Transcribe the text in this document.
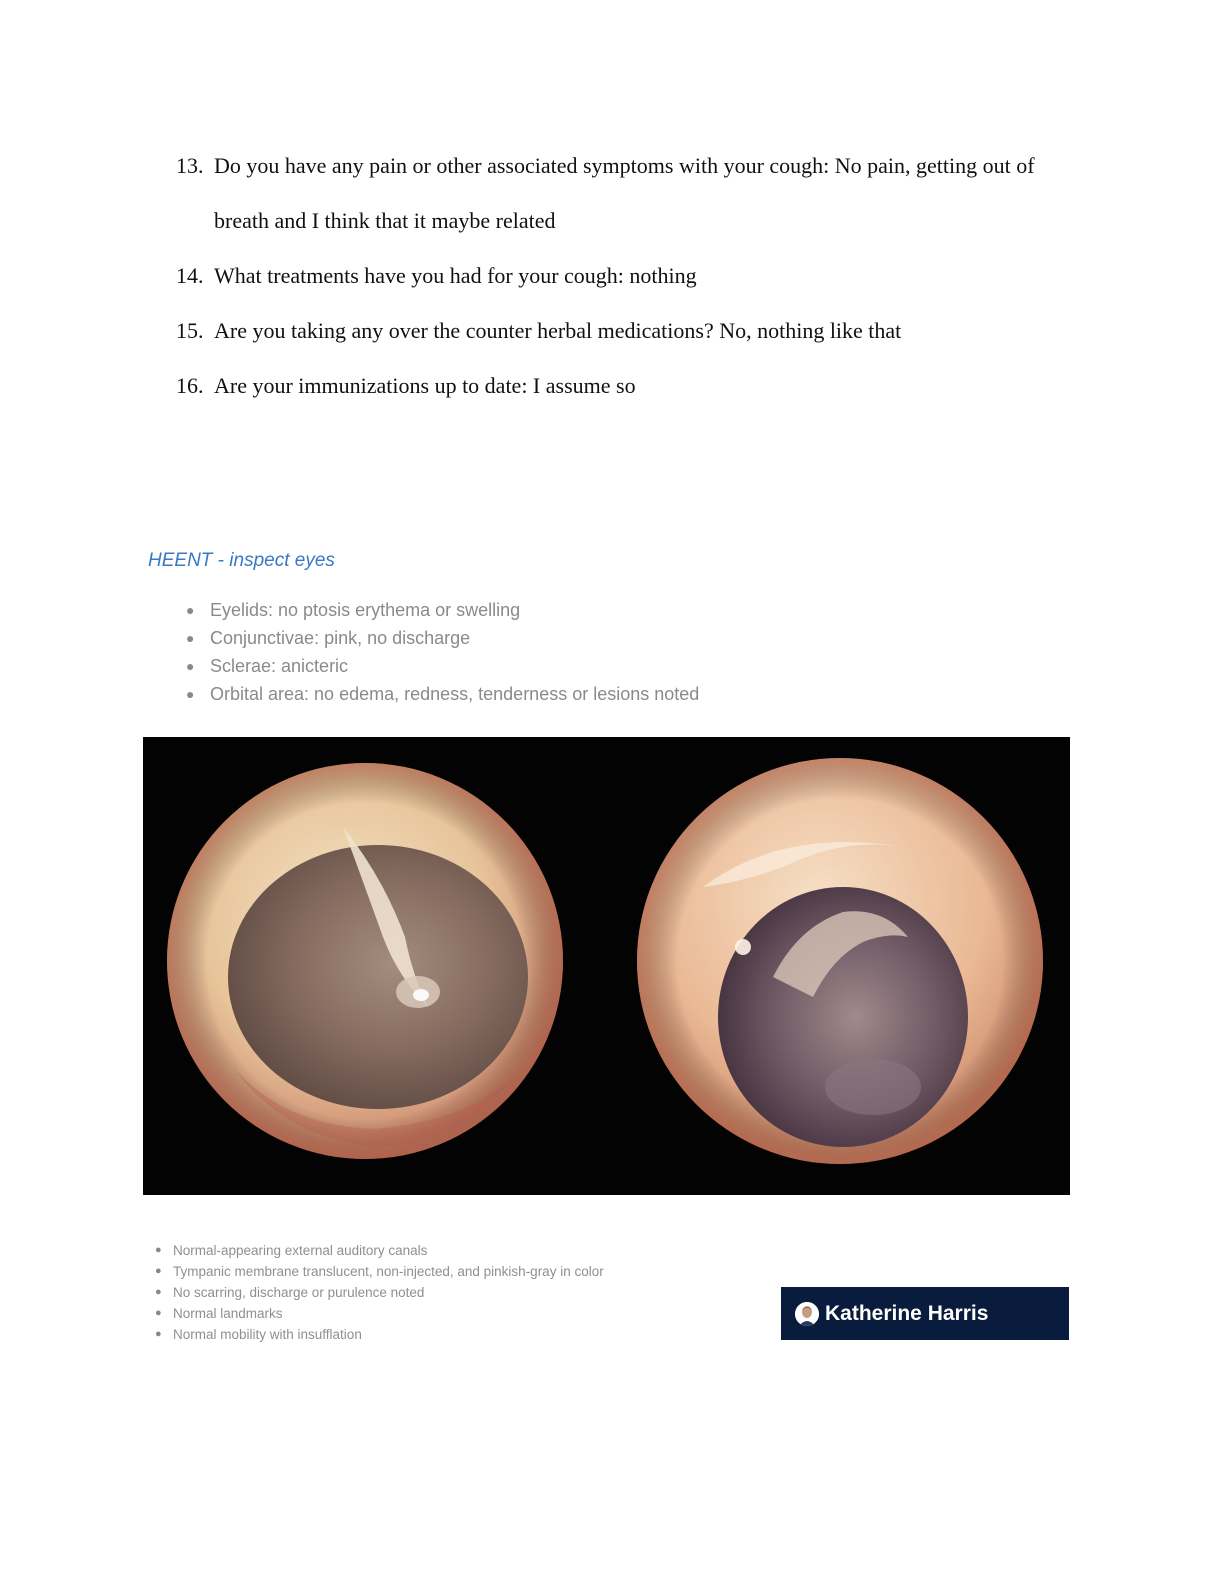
13. Do you have any pain or other associated symptoms with your cough: No pain, getting out of breath and I think that it maybe related
14. What treatments have you had for your cough: nothing
15. Are you taking any over the counter herbal medications? No, nothing like that
16. Are your immunizations up to date: I assume so
HEENT - inspect eyes
● Eyelids: no ptosis erythema or swelling
● Conjunctivae: pink, no discharge
● Sclerae: anicteric
● Orbital area: no edema, redness, tenderness or lesions noted
● Normal-appearing external auditory canals
● Tympanic membrane translucent, non-injected, and pinkish-gray in color
● No scarring, discharge or purulence noted
● Normal landmarks
● Normal mobility with insufflation
Katherine Harris
